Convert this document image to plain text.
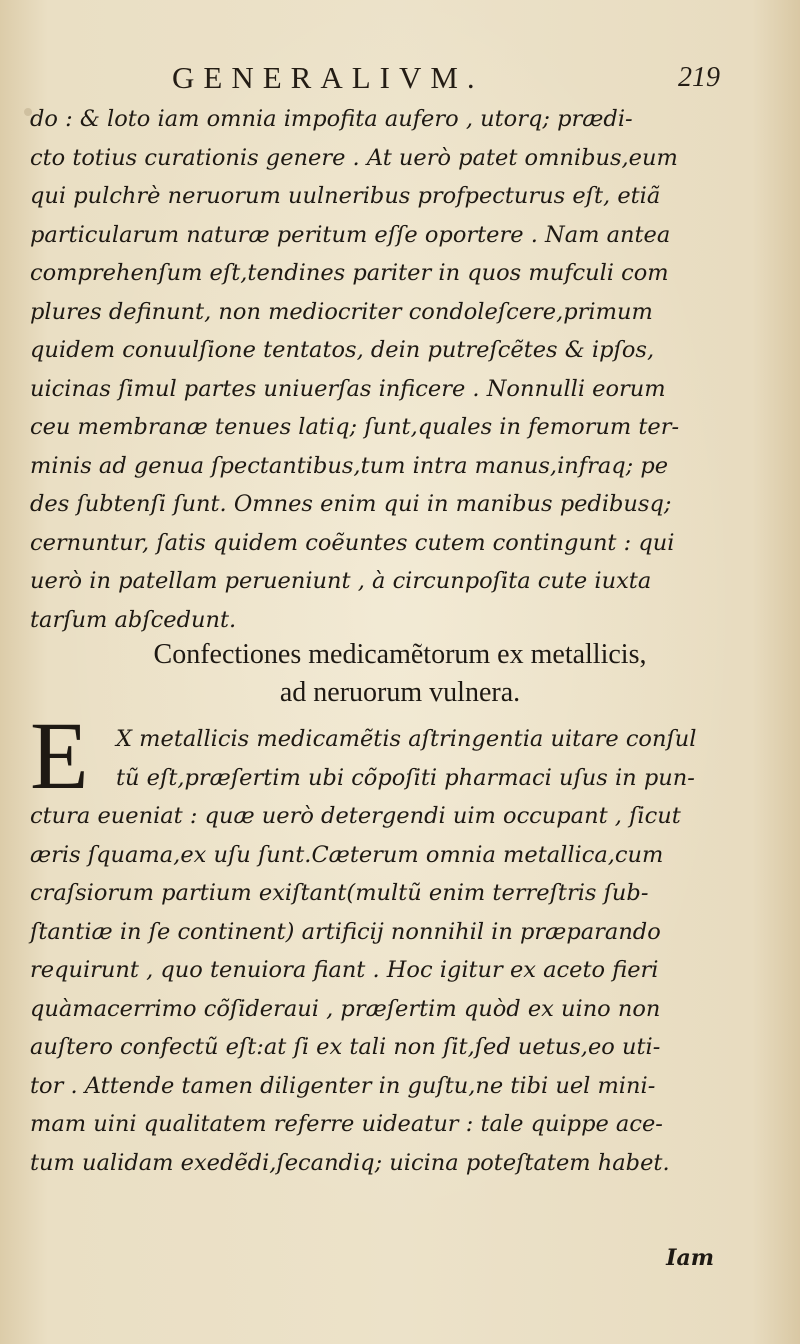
GENERALIVM.	219
do : & loto iam omnia impofita aufero , utorq; prædi-
cto totius curationis genere . At uerò patet omnibus,eum
qui pulchrè neruorum uulneribus profpecturus eſt, etiã
particularum naturæ peritum eſſe oportere . Nam antea
comprehenſum eſt,tendines pariter in quos mufculi com
plures definunt, non mediocriter condoleſcere,primum
quidem conuulſione tentatos, dein putreſcẽtes & ipſos,
uicinas ſimul partes uniuerſas inficere . Nonnulli eorum
ceu membranæ tenues latiq; ſunt,quales in femorum ter-
minis ad genua ſpectantibus,tum intra manus,infraq; pe
des ſubtenſi ſunt. Omnes enim qui in manibus pedibusq;
cernuntur, ſatis quidem coẽuntes cutem contingunt : qui
uerò in patellam perueniunt , à circunpoſita cute iuxta
tarſum abſcedunt.
Confectiones medicamẽtorum ex metallicis,
ad neruorum vulnera.
E	X metallicis medicamẽtis aſtringentia uitare conſul
tũ eſt,præſertim ubi cõpoſiti pharmaci uſus in pun-
ctura eueniat : quæ uerò detergendi uim occupant , ſicut
æris ſquama,ex uſu ſunt.Cæterum omnia metallica,cum
craſsiorum partium exiſtant(multũ enim terreſtris ſub-
ſtantiæ in ſe continent) artificij nonnihil in præparando
requirunt , quo tenuiora fiant . Hoc igitur ex aceto fieri
quàmacerrimo cõſideraui , præſertim quòd ex uino non
auſtero confectũ eſt:at ſi ex tali non ſit,ſed uetus,eo uti-
tor . Attende tamen diligenter in guſtu,ne tibi uel mini-
mam uini qualitatem referre uideatur : tale quippe ace-
tum ualidam exedẽdi,ſecandiq; uicina poteſtatem habet.
Iam
